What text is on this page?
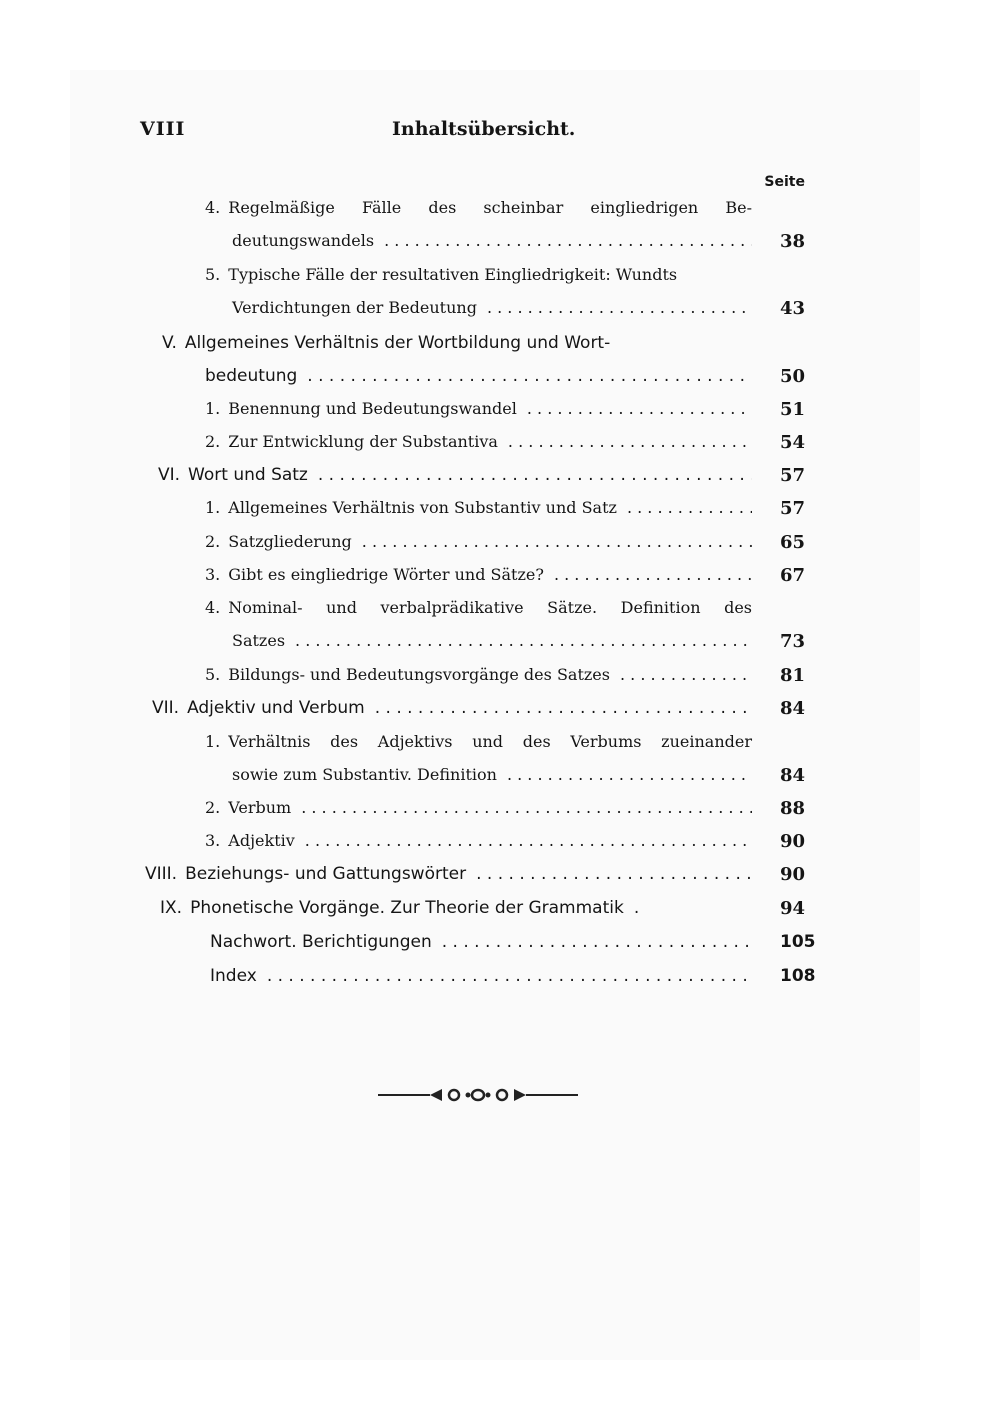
VIII	Inhaltsübersicht.
Seite
4. Regelmäßige Fälle des scheinbar eingliedrigen Be-
deutungswandels . . .	38
5. Typische Fälle der resultativen Eingliedrigkeit: Wundts
Verdichtungen der Bedeutung . . .	43
V. Allgemeines Verhältnis der Wortbildung und Wort-
bedeutung . . .	50
1. Benennung und Bedeutungswandel . . .	51
2. Zur Entwicklung der Substantiva . . .	54
VI. Wort und Satz . . .	57
1. Allgemeines Verhältnis von Substantiv und Satz . . .	57
2. Satzgliederung . . .	65
3. Gibt es eingliedrige Wörter und Sätze? . . .	67
4. Nominal- und verbalprädikative Sätze. Definition des
Satzes . . .	73
5. Bildungs- und Bedeutungsvorgänge des Satzes . . .	81
VII. Adjektiv und Verbum . . .	84
1. Verhältnis des Adjektivs und des Verbums zueinander
sowie zum Substantiv. Definition . . .	84
2. Verbum . . .	88
3. Adjektiv . . .	90
VIII. Beziehungs- und Gattungswörter . . .	90
IX. Phonetische Vorgänge. Zur Theorie der Grammatik . . .	94
Nachwort. Berichtigungen . . .	105
Index . . .	108
